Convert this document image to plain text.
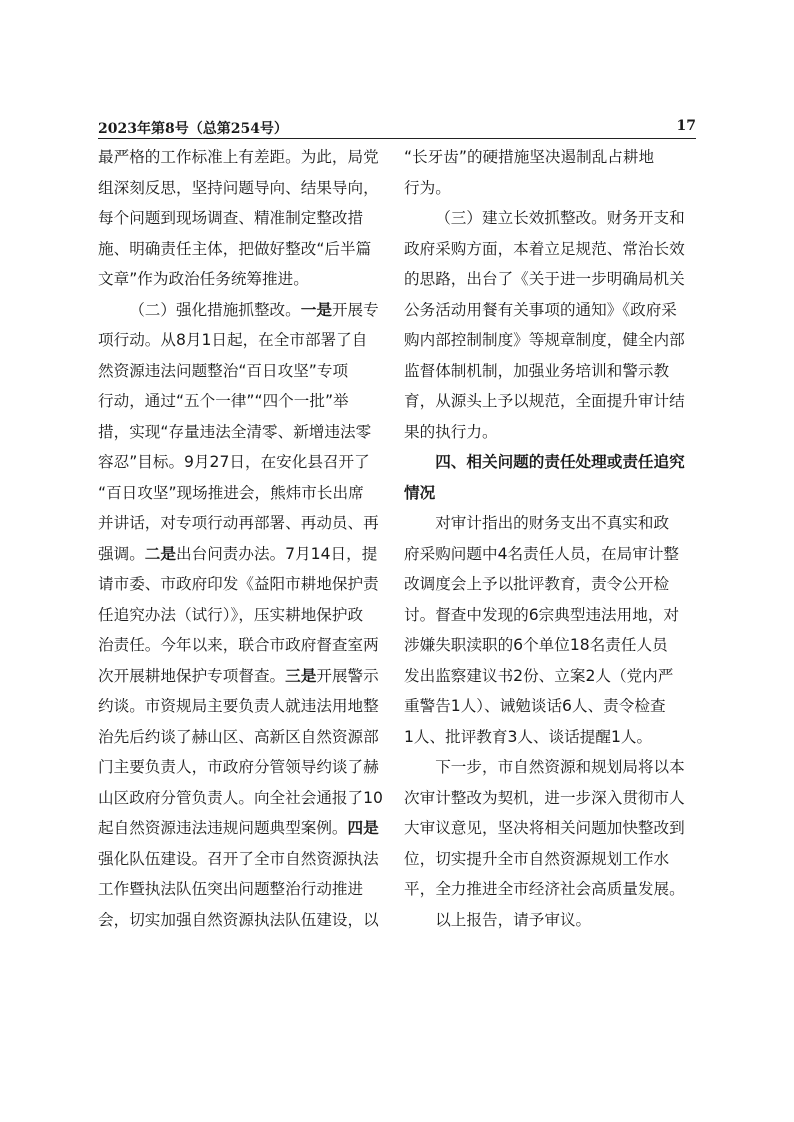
2023年第8号（总第254号）	17
最严格的工作标准上有差距。为此，局党
组深刻反思，坚持问题导向、结果导向，
每个问题到现场调查、精准制定整改措
施、明确责任主体，把做好整改“后半篇
文章”作为政治任务统筹推进。
（二）强化措施抓整改。一是开展专
项行动。从8月1日起，在全市部署了自
然资源违法问题整治“百日攻坚”专项
行动，通过“五个一律”“四个一批”举
措，实现“存量违法全清零、新增违法零
容忍”目标。9月27日，在安化县召开了
“百日攻坚”现场推进会，熊炜市长出席
并讲话，对专项行动再部署、再动员、再
强调。二是出台问责办法。7月14日，提
请市委、市政府印发《益阳市耕地保护责
任追究办法（试行）》，压实耕地保护政
治责任。今年以来，联合市政府督查室两
次开展耕地保护专项督查。三是开展警示
约谈。市资规局主要负责人就违法用地整
治先后约谈了赫山区、高新区自然资源部
门主要负责人，市政府分管领导约谈了赫
山区政府分管负责人。向全社会通报了10
起自然资源违法违规问题典型案例。四是
强化队伍建设。召开了全市自然资源执法
工作暨执法队伍突出问题整治行动推进
会，切实加强自然资源执法队伍建设，以
“长牙齿”的硬措施坚决遏制乱占耕地
行为。
（三）建立长效抓整改。财务开支和
政府采购方面，本着立足规范、常治长效
的思路，出台了《关于进一步明确局机关
公务活动用餐有关事项的通知》《政府采
购内部控制制度》等规章制度，健全内部
监督体制机制，加强业务培训和警示教
育，从源头上予以规范，全面提升审计结
果的执行力。
四、相关问题的责任处理或责任追究
情况
对审计指出的财务支出不真实和政
府采购问题中4名责任人员，在局审计整
改调度会上予以批评教育，责令公开检
讨。督查中发现的6宗典型违法用地，对
涉嫌失职渎职的6个单位18名责任人员
发出监察建议书2份、立案2人（党内严
重警告1人）、诫勉谈话6人、责令检查
1人、批评教育3人、谈话提醒1人。
下一步，市自然资源和规划局将以本
次审计整改为契机，进一步深入贯彻市人
大审议意见，坚决将相关问题加快整改到
位，切实提升全市自然资源规划工作水
平，全力推进全市经济社会高质量发展。
以上报告，请予审议。
